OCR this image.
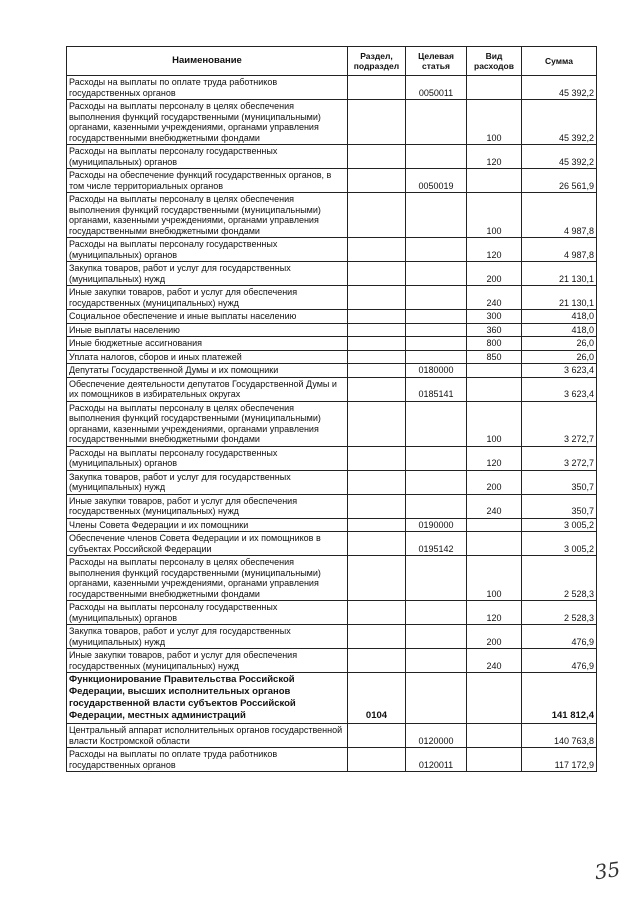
Наименование	Раздел, подраздел	Целевая статья	Вид расходов	Сумма
Расходы на выплаты по оплате труда работников государственных органов		0050011		45 392,2
Расходы на выплаты персоналу в целях обеспечения выполнения функций государственными (муниципальными) органами, казенными учреждениями, органами управления государственными внебюджетными фондами			100	45 392,2
Расходы на выплаты персоналу государственных (муниципальных) органов			120	45 392,2
Расходы на обеспечение функций государственных органов, в том числе территориальных органов		0050019		26 561,9
Расходы на выплаты персоналу в целях обеспечения выполнения функций государственными (муниципальными) органами, казенными учреждениями, органами управления государственными внебюджетными фондами			100	4 987,8
Расходы на выплаты персоналу государственных (муниципальных) органов			120	4 987,8
Закупка товаров, работ и услуг для государственных (муниципальных) нужд			200	21 130,1
Иные закупки товаров, работ и услуг для обеспечения государственных (муниципальных) нужд			240	21 130,1
Социальное обеспечение и иные выплаты населению			300	418,0
Иные выплаты населению			360	418,0
Иные бюджетные ассигнования			800	26,0
Уплата налогов, сборов и иных платежей			850	26,0
Депутаты Государственной Думы и их помощники		0180000		3 623,4
Обеспечение деятельности депутатов Государственной Думы и их помощников в избирательных округах		0185141		3 623,4
Расходы на выплаты персоналу в целях обеспечения выполнения функций государственными (муниципальными) органами, казенными учреждениями, органами управления государственными внебюджетными фондами			100	3 272,7
Расходы на выплаты персоналу государственных (муниципальных) органов			120	3 272,7
Закупка товаров, работ и услуг для государственных (муниципальных) нужд			200	350,7
Иные закупки товаров, работ и услуг для обеспечения государственных (муниципальных) нужд			240	350,7
Члены Совета Федерации и их помощники		0190000		3 005,2
Обеспечение членов Совета Федерации и их помощников в субъектах Российской Федерации		0195142		3 005,2
Расходы на выплаты персоналу в целях обеспечения выполнения функций государственными (муниципальными) органами, казенными учреждениями, органами управления государственными внебюджетными фондами			100	2 528,3
Расходы на выплаты персоналу государственных (муниципальных) органов			120	2 528,3
Закупка товаров, работ и услуг для государственных (муниципальных) нужд			200	476,9
Иные закупки товаров, работ и услуг для обеспечения государственных (муниципальных) нужд			240	476,9
Функционирование Правительства Российской Федерации, высших исполнительных органов государственной власти субъектов Российской Федерации, местных администраций	0104			141 812,4
Центральный аппарат исполнительных органов государственной власти Костромской области		0120000		140 763,8
Расходы на выплаты по оплате труда работников государственных органов		0120011		117 172,9
35
